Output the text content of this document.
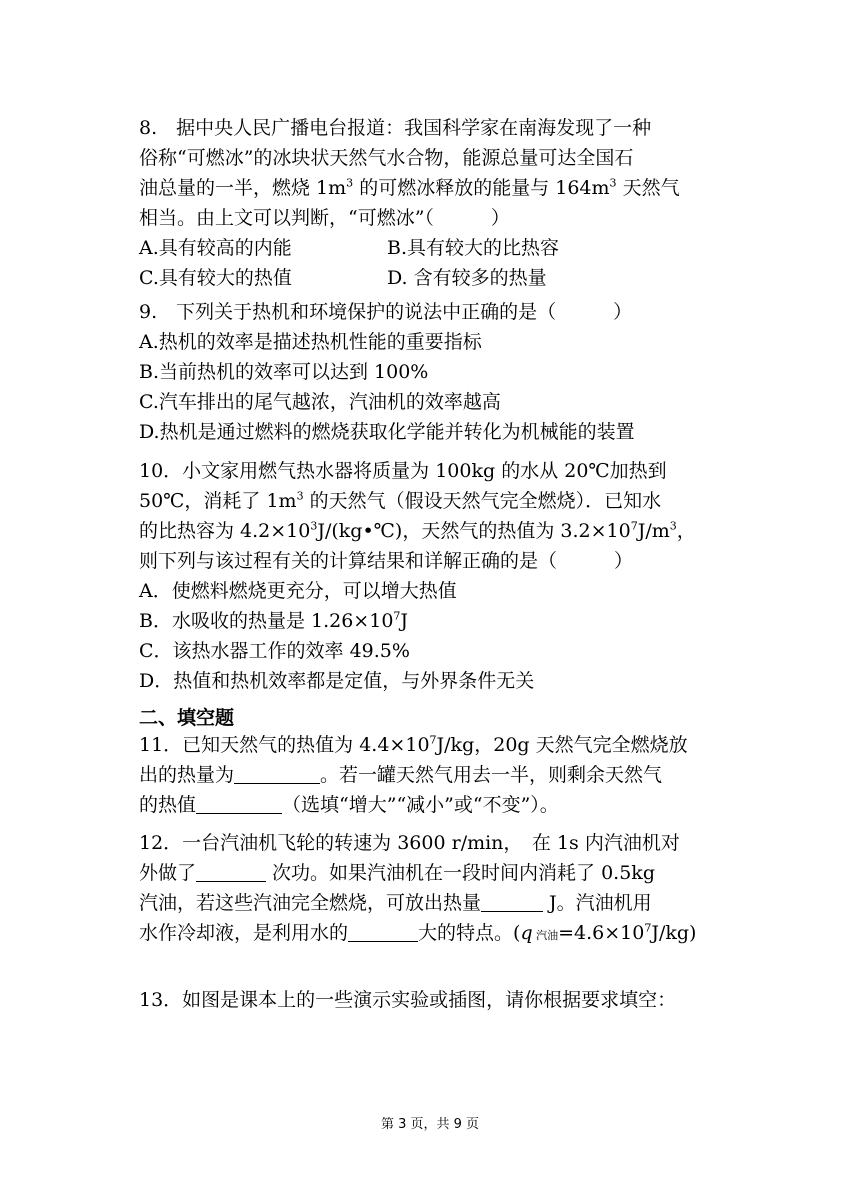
8.　据中央人民广播电台报道：我国科学家在南海发现了一种
俗称“可燃冰”的冰块状天然气水合物，能源总量可达全国石
油总量的一半，燃烧 $1m^3$ 的可燃冰释放的能量与 $164m^3$ 天然气
相当。由上文可以判断，“可燃冰”（　　　）
A.具有较高的内能	B.具有较大的比热容
C.具有较大的热值	D. 含有较多的热量
9.　下列关于热机和环境保护的说法中正确的是（　　　）
A.热机的效率是描述热机性能的重要指标
B.当前热机的效率可以达到 100%
C.汽车排出的尾气越浓，汽油机的效率越高
D.热机是通过燃料的燃烧获取化学能并转化为机械能的装置
10．小文家用燃气热水器将质量为 100kg 的水从 20℃加热到
50℃，消耗了 $1m^3$ 的天然气（假设天然气完全燃烧）．已知水
的比热容为 $4.2\times 10^3J/(kg•℃)$，天然气的热值为 $3.2\times 10^7J/m^3$，
则下列与该过程有关的计算结果和详解正确的是（　　　）
A．使燃料燃烧更充分，可以增大热值
B．水吸收的热量是 $1.26\times 10^7J$
C．该热水器工作的效率 49.5%
D．热值和热机效率都是定值，与外界条件无关
二、填空题
11．已知天然气的热值为 $4.4\times 10^7J/kg$，20g 天然气完全燃烧放
出的热量为	。若一罐天然气用去一半，则剩余天然气
的热值	（选填“增大”“减小”或“不变”）。
12．一台汽油机飞轮的转速为 3600 r/min，　在 1s 内汽油机对
外做了	次功。如果汽油机在一段时间内消耗了 0.5kg
汽油，若这些汽油完全燃烧，可放出热量	J。汽油机用
水作冷却液，是利用水的	大的特点。(q 汽油$=4.6\times 10^7J/kg$)
13．如图是课本上的一些演示实验或插图，请你根据要求填空：
第 3 页，共 9 页
